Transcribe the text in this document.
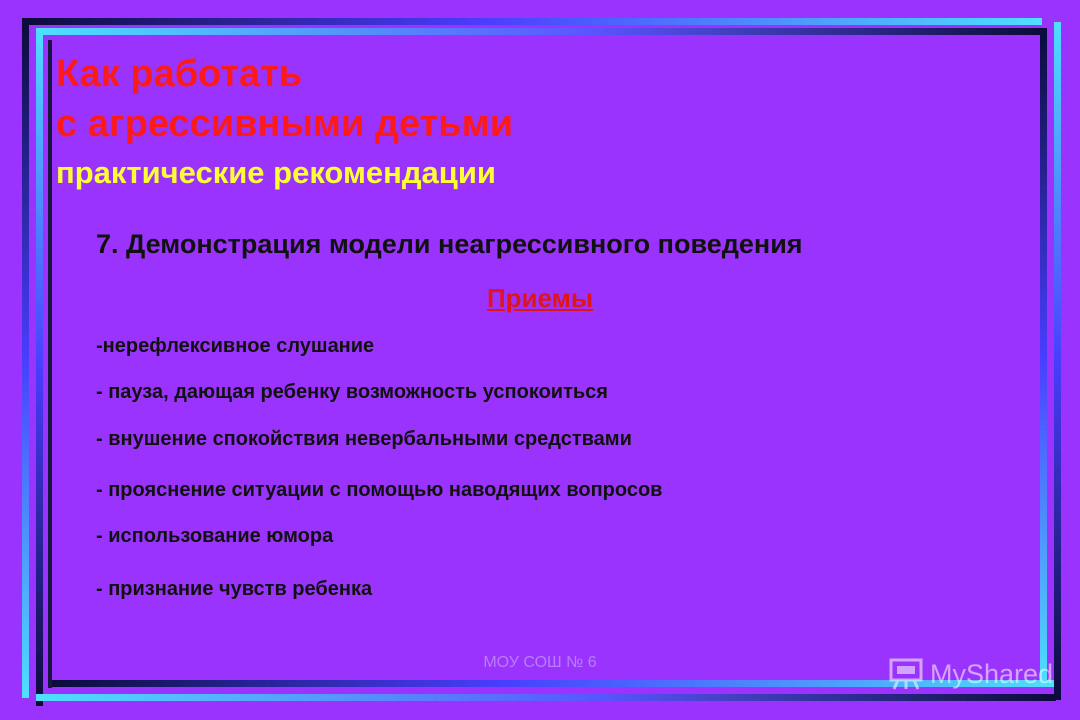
Как работать
с агрессивными детьми
практические рекомендации
7. Демонстрация модели неагрессивного поведения
Приемы
-нерефлексивное слушание
- пауза, дающая ребенку возможность успокоиться
- внушение спокойствия невербальными средствами
- прояснение ситуации с помощью наводящих вопросов
- использование юмора
- признание чувств ребенка
МОУ СОШ № 6	MyShared
